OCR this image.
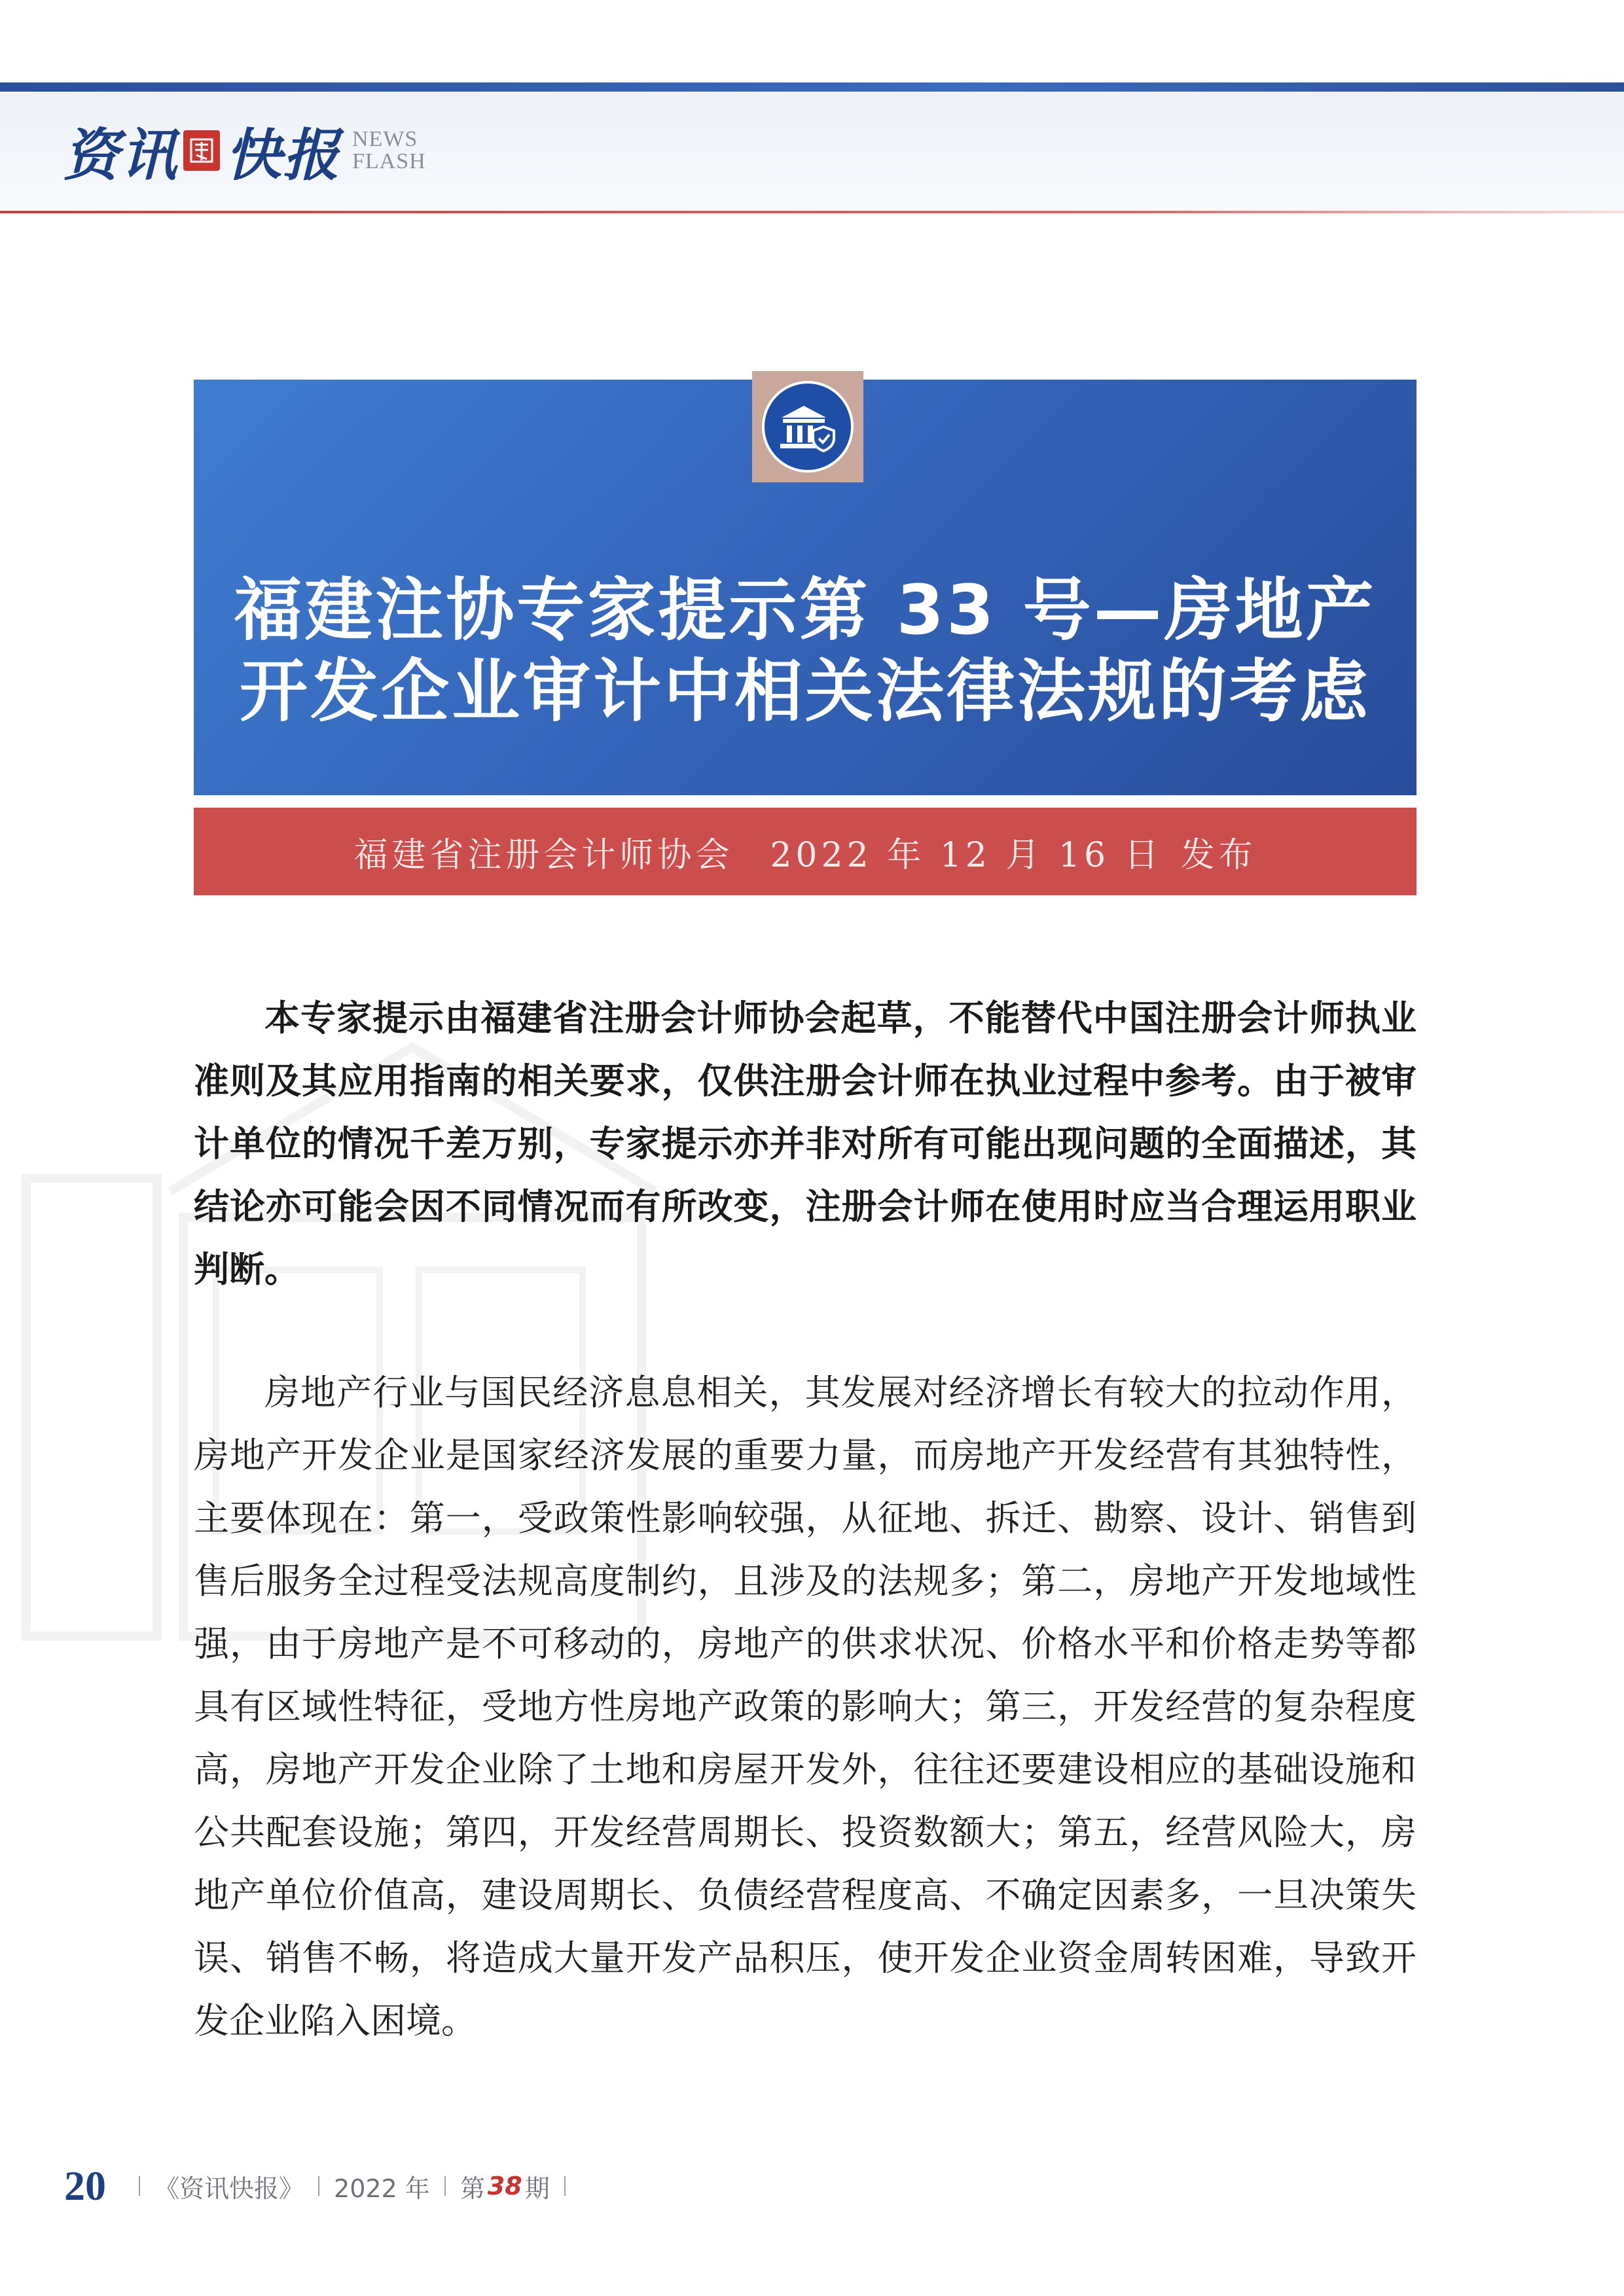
资讯 快报 NEWS
FLASH
福建注协专家提示第 33 号—房地产
开发企业审计中相关法律法规的考虑
福建省注册会计师协会 2022 年 12 月 16 日 发布

本专家提示由福建省注册会计师协会起草，不能替代中国注册会计师执业准则及其应用指南的相关要求，仅供注册会计师在执业过程中参考。由于被审计单位的情况千差万别，专家提示亦并非对所有可能出现问题的全面描述，其结论亦可能会因不同情况而有所改变，注册会计师在使用时应当合理运用职业判断。

房地产行业与国民经济息息相关，其发展对经济增长有较大的拉动作用，房地产开发企业是国家经济发展的重要力量，而房地产开发经营有其独特性，主要体现在：第一，受政策性影响较强，从征地、拆迁、勘察、设计、销售到售后服务全过程受法规高度制约，且涉及的法规多；第二，房地产开发地域性强，由于房地产是不可移动的，房地产的供求状况、价格水平和价格走势等都具有区域性特征，受地方性房地产政策的影响大；第三，开发经营的复杂程度高，房地产开发企业除了土地和房屋开发外，往往还要建设相应的基础设施和公共配套设施；第四，开发经营周期长、投资数额大；第五，经营风险大，房地产单位价值高，建设周期长、负债经营程度高、不确定因素多，一旦决策失误、销售不畅，将造成大量开发产品积压，使开发企业资金周转困难，导致开发企业陷入困境。

20 《资讯快报》 2022 年 第 38 期
